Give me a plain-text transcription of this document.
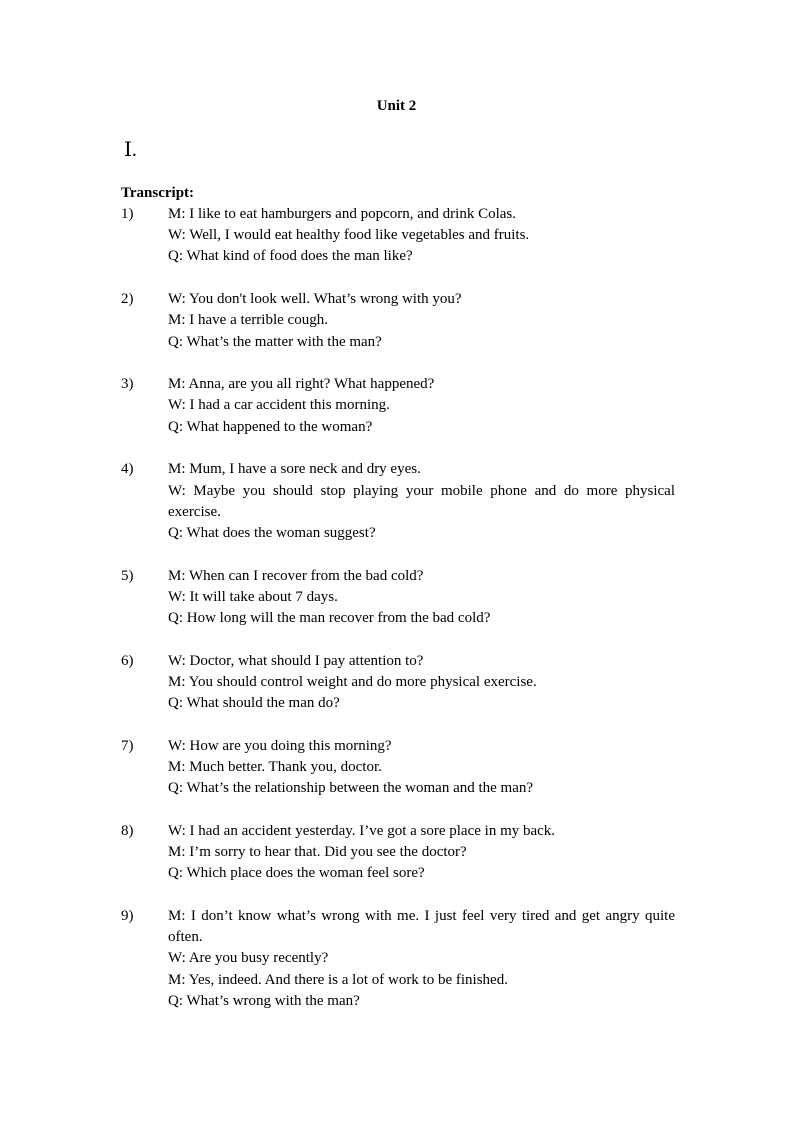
Unit 2
Ⅰ.
Transcript:
1)	M: I like to eat hamburgers and popcorn, and drink Colas.
W: Well, I would eat healthy food like vegetables and fruits.
Q: What kind of food does the man like?
2)	W: You don't look well. What’s wrong with you?
M: I have a terrible cough.
Q: What’s the matter with the man?
3)	M: Anna, are you all right? What happened?
W: I had a car accident this morning.
Q: What happened to the woman?
4)	M: Mum, I have a sore neck and dry eyes.
W: Maybe you should stop playing your mobile phone and do more physical exercise.
Q: What does the woman suggest?
5)	M: When can I recover from the bad cold?
W: It will take about 7 days.
Q: How long will the man recover from the bad cold?
6)	W: Doctor, what should I pay attention to?
M: You should control weight and do more physical exercise.
Q: What should the man do?
7)	W: How are you doing this morning?
M: Much better. Thank you, doctor.
Q: What’s the relationship between the woman and the man?
8)	W: I had an accident yesterday. I’ve got a sore place in my back.
M: I’m sorry to hear that. Did you see the doctor?
Q: Which place does the woman feel sore?
9)	M: I don’t know what’s wrong with me. I just feel very tired and get angry quite often.
W: Are you busy recently?
M: Yes, indeed. And there is a lot of work to be finished.
Q: What’s wrong with the man?
